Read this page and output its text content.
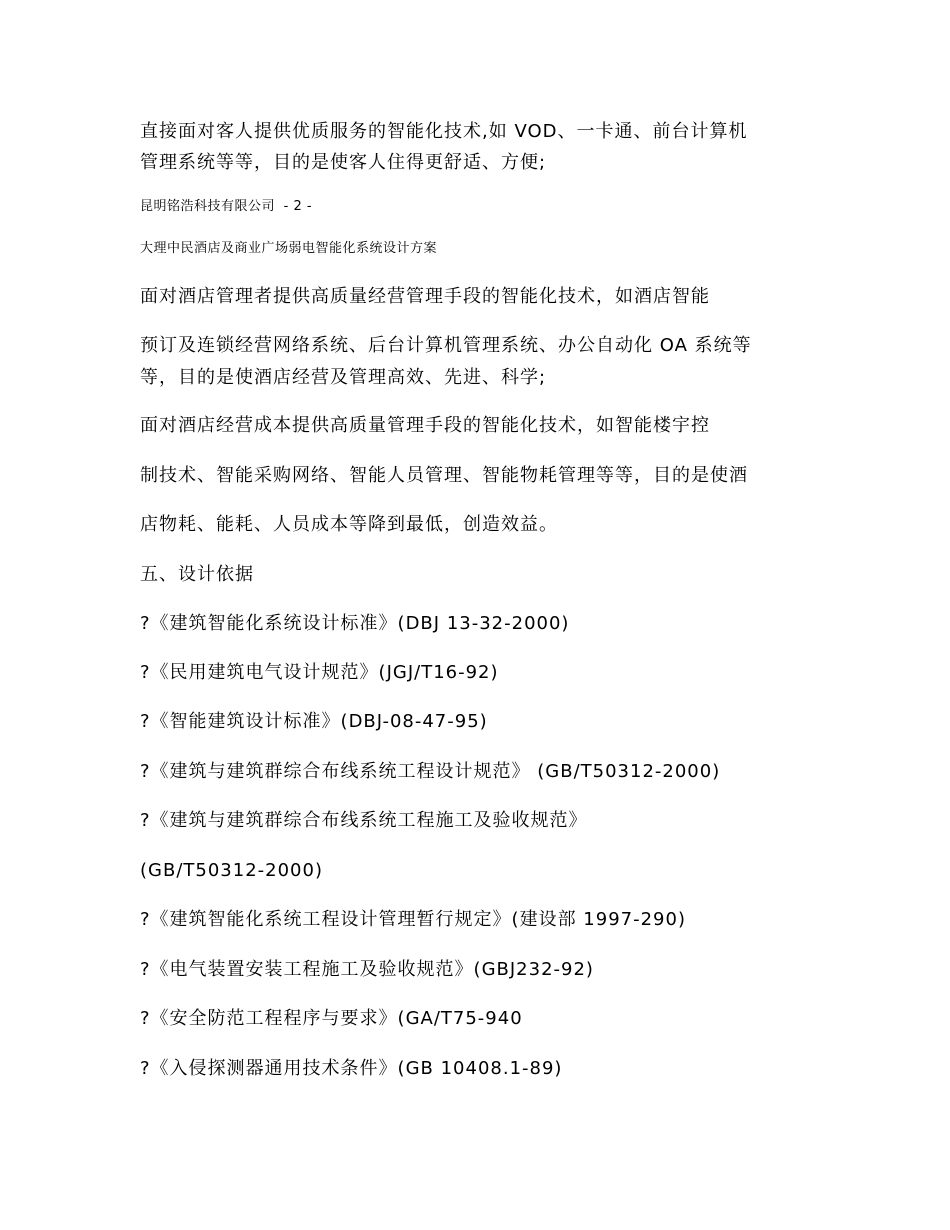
直接面对客人提供优质服务的智能化技术,如 VOD、一卡通、前台计算机
管理系统等等，目的是使客人住得更舒适、方便;
昆明铭浩科技有限公司 - 2 -
大理中民酒店及商业广场弱电智能化系统设计方案
面对酒店管理者提供高质量经营管理手段的智能化技术，如酒店智能
预订及连锁经营网络系统、后台计算机管理系统、办公自动化 OA 系统等
等，目的是使酒店经营及管理高效、先进、科学;
面对酒店经营成本提供高质量管理手段的智能化技术，如智能楼宇控
制技术、智能采购网络、智能人员管理、智能物耗管理等等，目的是使酒
店物耗、能耗、人员成本等降到最低，创造效益。
五、设计依据
?《建筑智能化系统设计标准》(DBJ 13-32-2000)
?《民用建筑电气设计规范》(JGJ/T16-92)
?《智能建筑设计标准》(DBJ-08-47-95)
?《建筑与建筑群综合布线系统工程设计规范》 (GB/T50312-2000)
?《建筑与建筑群综合布线系统工程施工及验收规范》
(GB/T50312-2000)
?《建筑智能化系统工程设计管理暂行规定》(建设部 1997-290)
?《电气装置安装工程施工及验收规范》(GBJ232-92)
?《安全防范工程程序与要求》(GA/T75-940
?《入侵探测器通用技术条件》(GB 10408.1-89)
